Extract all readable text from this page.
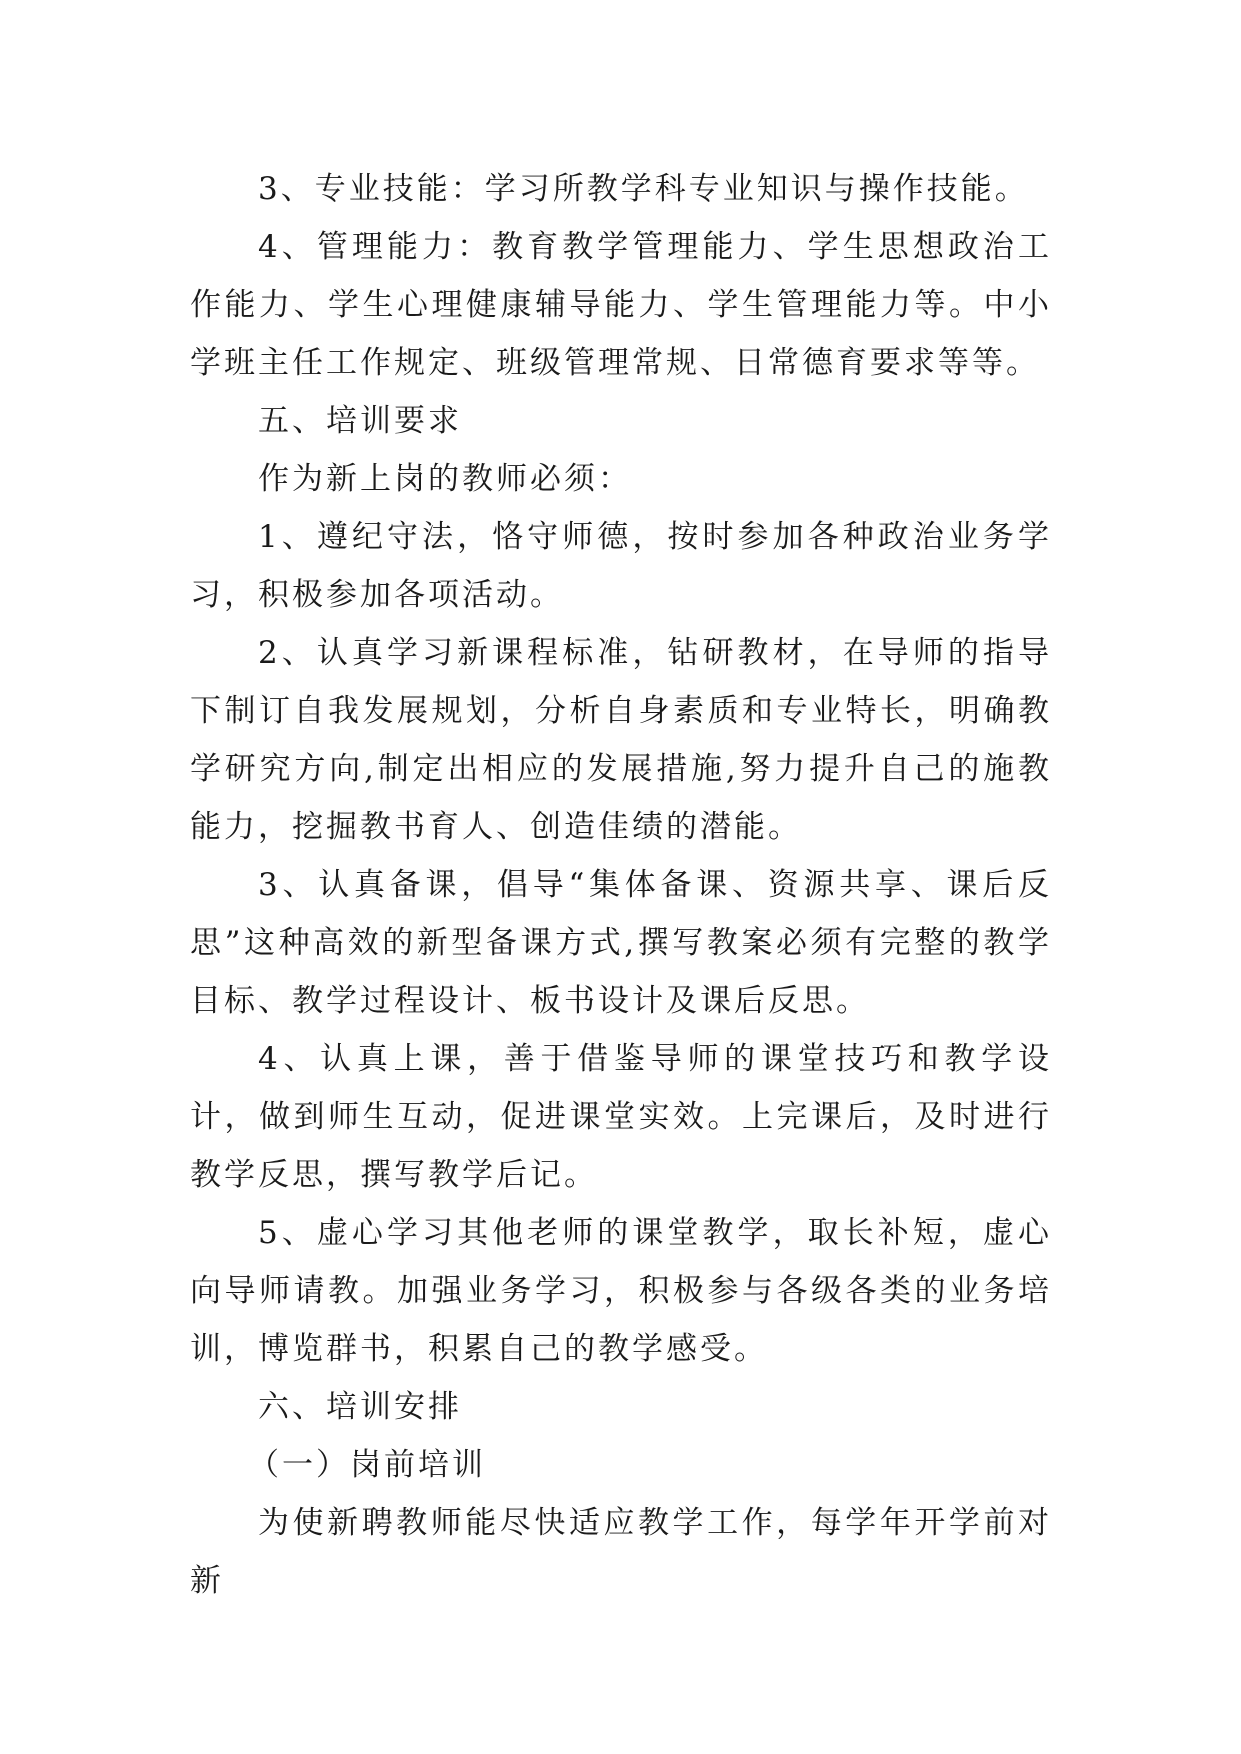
3、专业技能：学习所教学科专业知识与操作技能。

4、管理能力：教育教学管理能力、学生思想政治工作能力、学生心理健康辅导能力、学生管理能力等。中小学班主任工作规定、班级管理常规、日常德育要求等等。

五、培训要求

作为新上岗的教师必须：

1、遵纪守法，恪守师德，按时参加各种政治业务学习，积极参加各项活动。

2、认真学习新课程标准，钻研教材，在导师的指导下制订自我发展规划，分析自身素质和专业特长，明确教学研究方向,制定出相应的发展措施,努力提升自己的施教能力，挖掘教书育人、创造佳绩的潜能。

3、认真备课，倡导“集体备课、资源共享、课后反思”这种高效的新型备课方式,撰写教案必须有完整的教学目标、教学过程设计、板书设计及课后反思。

4、认真上课，善于借鉴导师的课堂技巧和教学设计，做到师生互动，促进课堂实效。上完课后，及时进行教学反思，撰写教学后记。

5、虚心学习其他老师的课堂教学，取长补短，虚心向导师请教。加强业务学习，积极参与各级各类的业务培训，博览群书，积累自己的教学感受。

六、培训安排

（一）岗前培训

为使新聘教师能尽快适应教学工作，每学年开学前对新
